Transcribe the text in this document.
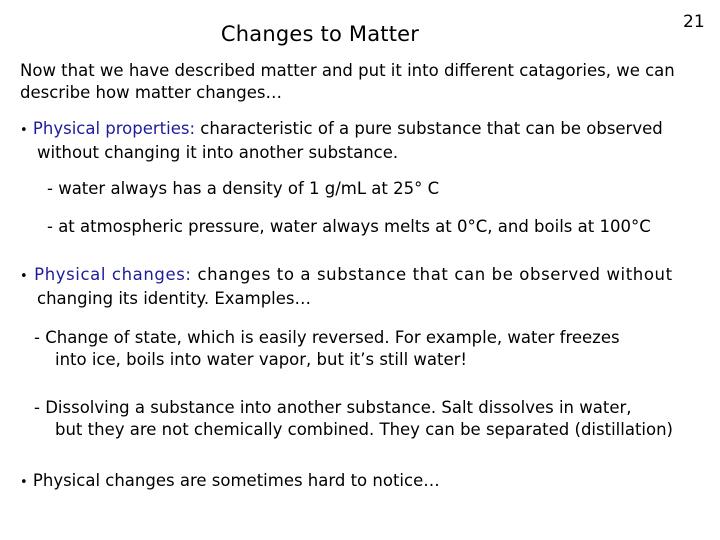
Changes to Matter	21
Now that we have described matter and put it into different catagories, we can
describe how matter changes…
• Physical properties: characteristic of a pure substance that can be observed
without changing it into another substance.
- water always has a density of 1 g/mL at 25° C
- at atmospheric pressure, water always melts at 0°C, and boils at 100°C
• Physical changes: changes to a substance that can be observed without
changing its identity. Examples…
- Change of state, which is easily reversed. For example, water freezes
into ice, boils into water vapor, but it’s still water!
- Dissolving a substance into another substance. Salt dissolves in water,
but they are not chemically combined. They can be separated (distillation)
• Physical changes are sometimes hard to notice…
